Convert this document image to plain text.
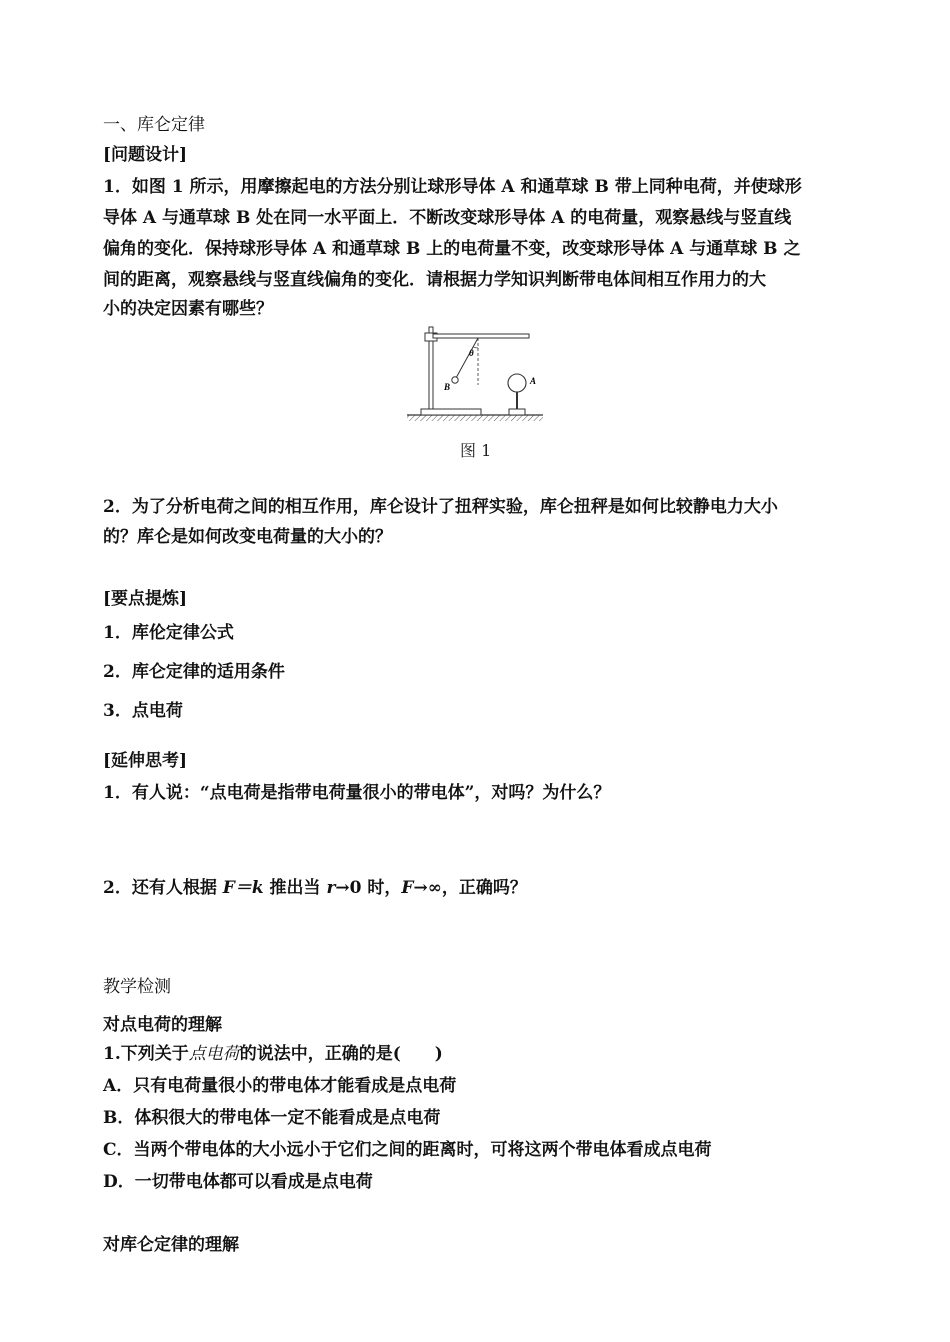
一、库仑定律
[问题设计]
1．如图 1 所示，用摩擦起电的方法分别让球形导体 A 和通草球 B 带上同种电荷，并使球形
导体 A 与通草球 B 处在同一水平面上．不断改变球形导体 A 的电荷量，观察悬线与竖直线
偏角的变化．保持球形导体 A 和通草球 B 上的电荷量不变，改变球形导体 A 与通草球 B 之
间的距离，观察悬线与竖直线偏角的变化．请根据力学知识判断带电体间相互作用力的大
小的决定因素有哪些？
θ
B
A
图 1
2．为了分析电荷之间的相互作用，库仑设计了扭秤实验，库仑扭秤是如何比较静电力大小
的？库仑是如何改变电荷量的大小的？
[要点提炼]
1．库伦定律公式
2．库仑定律的适用条件
3．点电荷
[延伸思考]
1．有人说：“点电荷是指带电荷量很小的带电体”，对吗？为什么？
2．还有人根据 F＝k 推出当 r→0 时，F→∞，正确吗？
教学检测
对点电荷的理解
1.下列关于点电荷的说法中，正确的是(　　)
A．只有电荷量很小的带电体才能看成是点电荷
B．体积很大的带电体一定不能看成是点电荷
C．当两个带电体的大小远小于它们之间的距离时，可将这两个带电体看成点电荷
D．一切带电体都可以看成是点电荷
对库仑定律的理解
